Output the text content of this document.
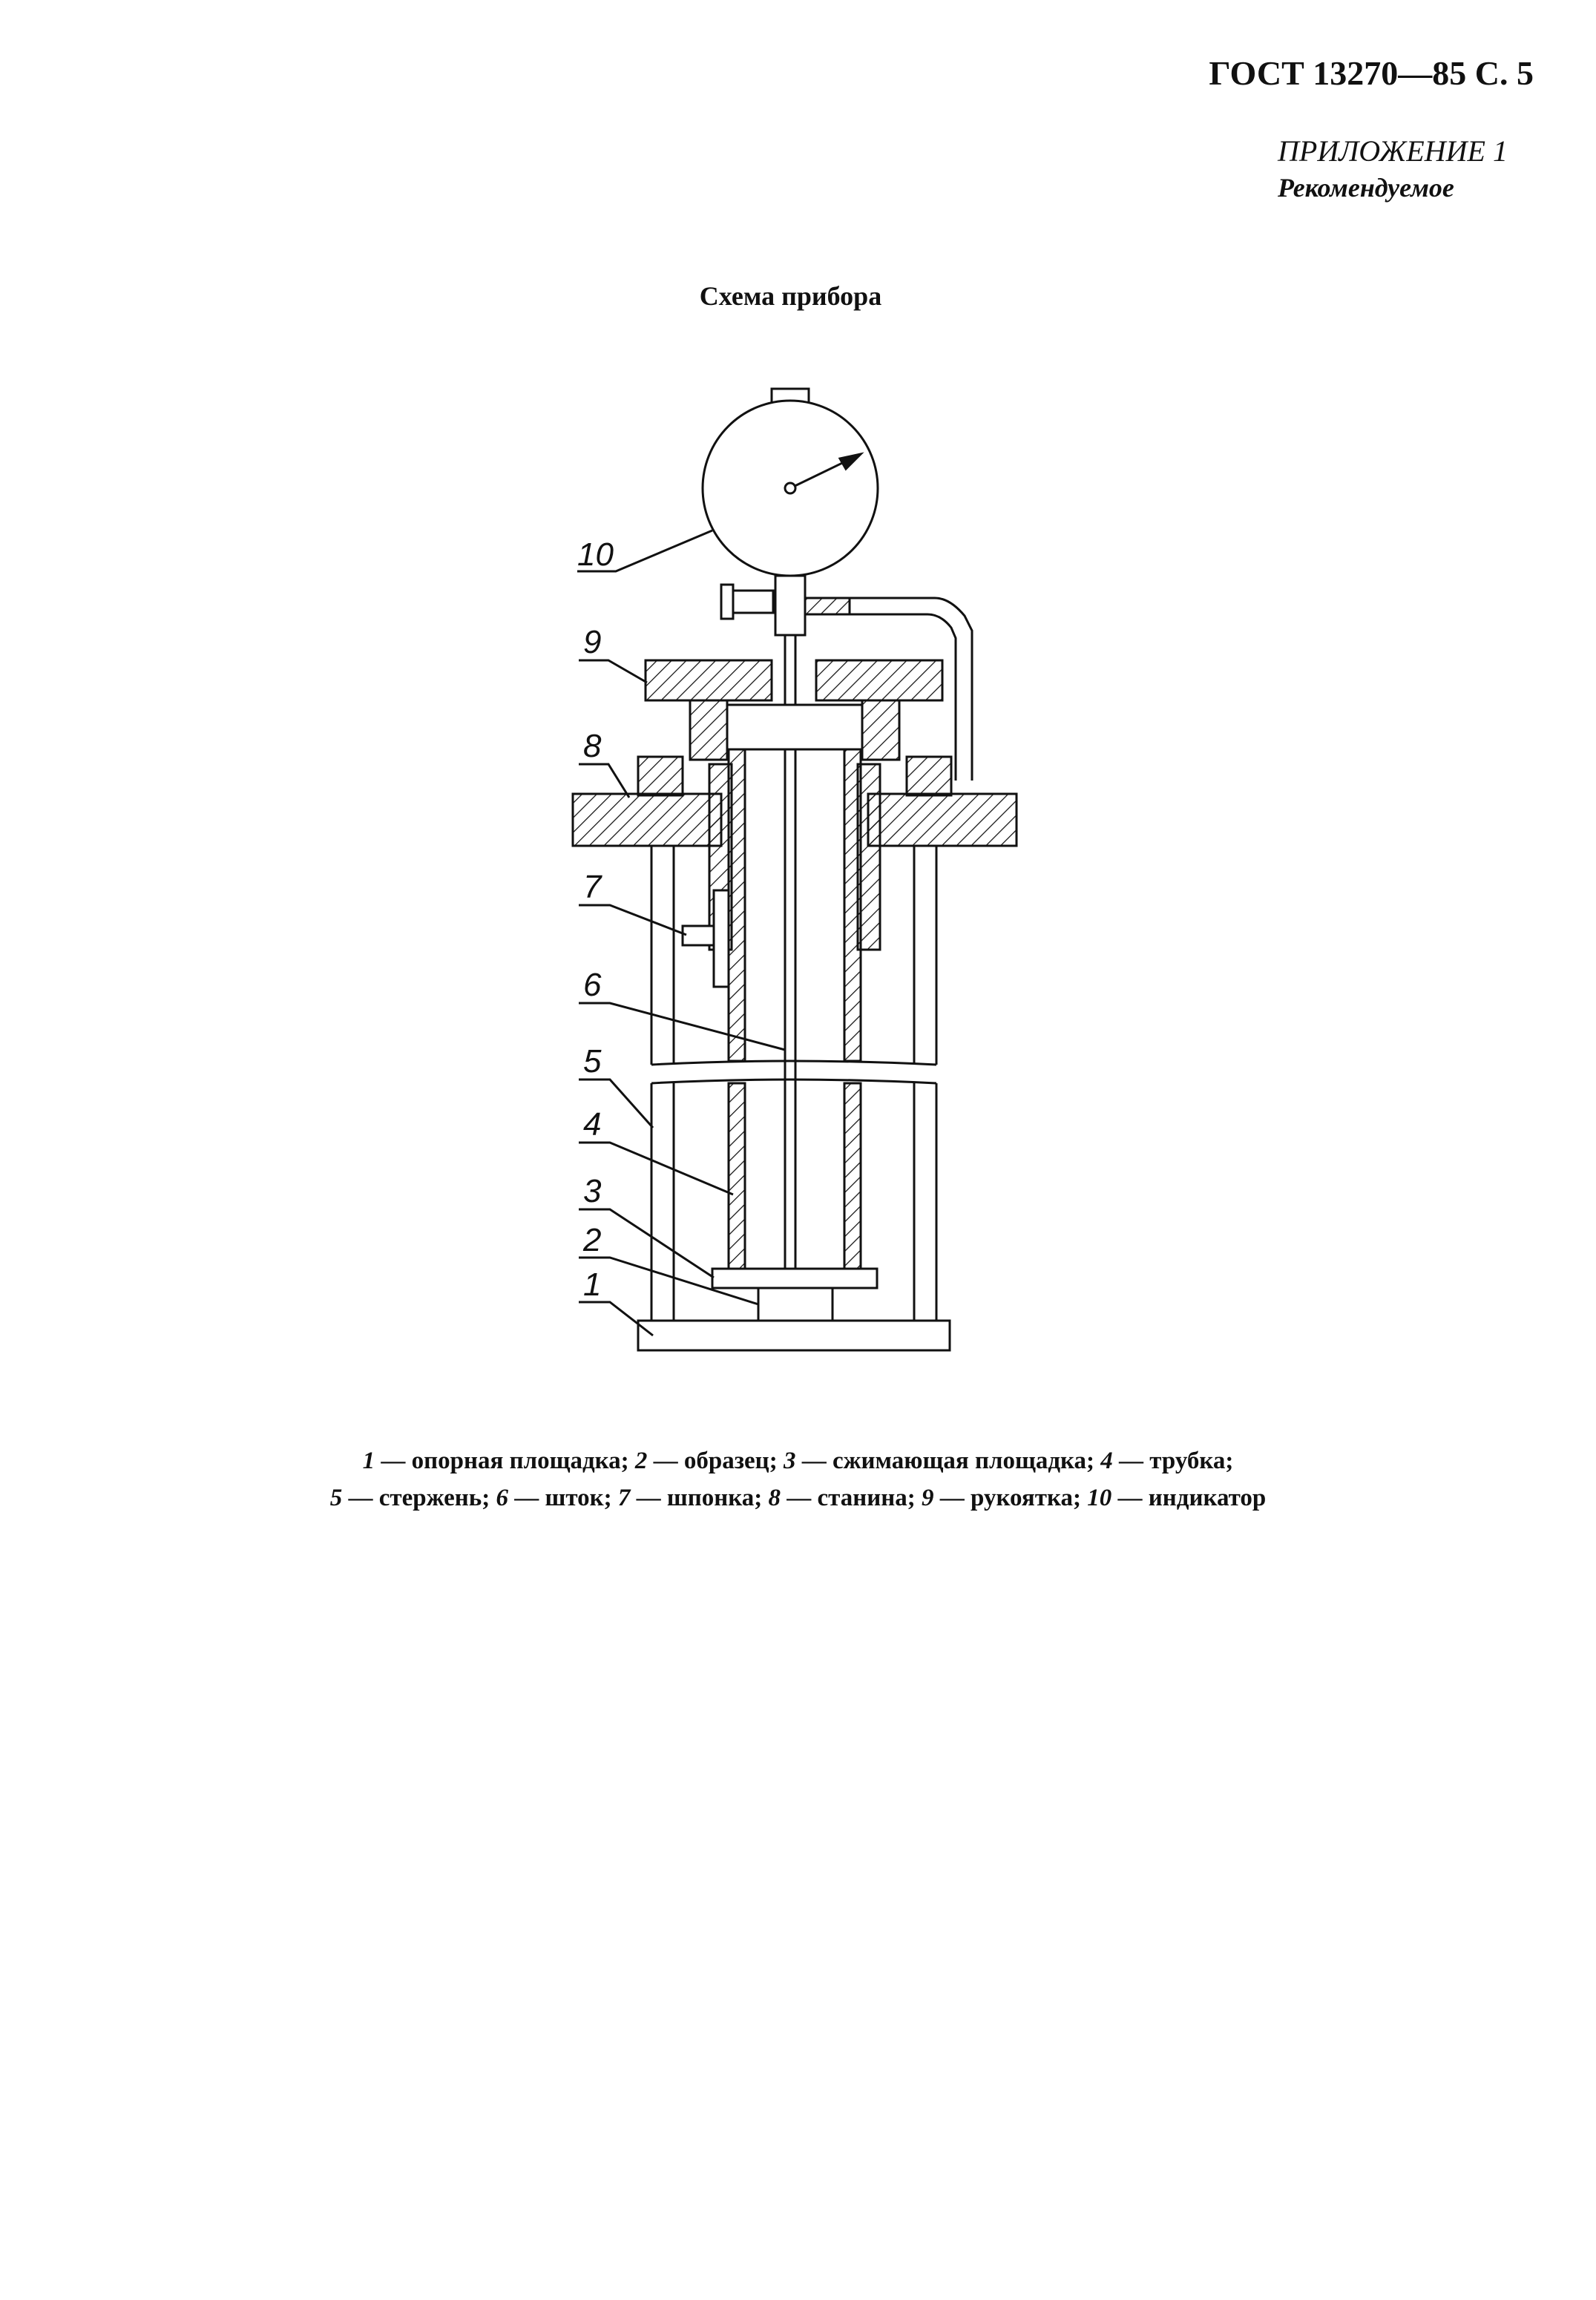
ГОСТ 13270—85 С. 5
ПРИЛОЖЕНИЕ 1
Рекомендуемое
Схема прибора
10
9
8
7
6
5
4
3
2
1
1 — опорная площадка; 2 — образец; 3 — сжимающая площадка; 4 — трубка;
5 — стержень; 6 — шток; 7 — шпонка; 8 — станина; 9 — рукоятка; 10 — индикатор
